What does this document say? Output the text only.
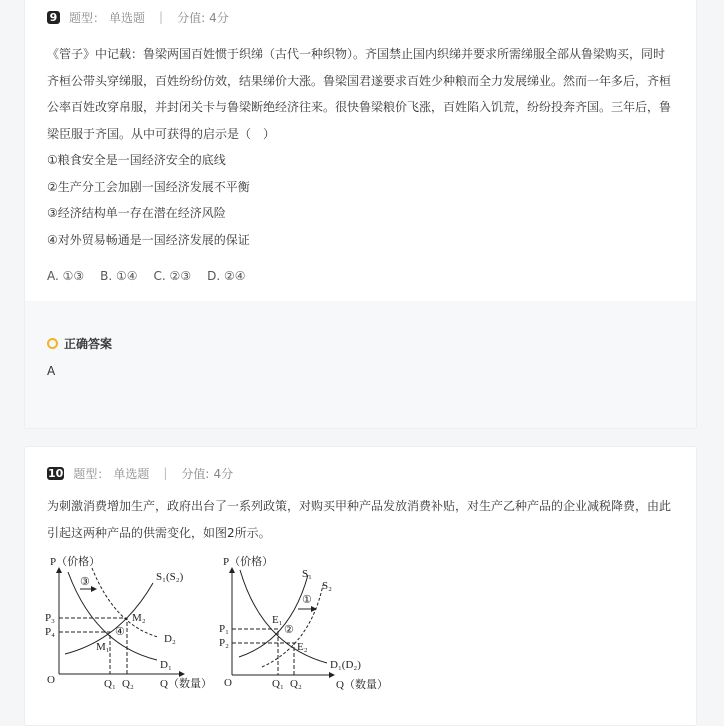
9 题型： 单选题 | 分值: 4分
《管子》中记载：鲁梁两国百姓惯于织绨（古代一种织物）。齐国禁止国内织绨并要求所需绨服全部从鲁梁购买，同时齐桓公带头穿绨服，百姓纷纷仿效，结果绨价大涨。鲁梁国君遂要求百姓少种粮而全力发展绨业。然而一年多后，齐桓公率百姓改穿帛服，并封闭关卡与鲁梁断绝经济往来。很快鲁梁粮价飞涨，百姓陷入饥荒，纷纷投奔齐国。三年后，鲁梁臣服于齐国。从中可获得的启示是（　）
①粮食安全是一国经济安全的底线
②生产分工会加剧一国经济发展不平衡
③经济结构单一存在潜在经济风险
④对外贸易畅通是一国经济发展的保证
A. ①③ B. ①④ C. ②③ D. ②④
正确答案
A
10 题型： 单选题 | 分值: 4分
为刺激消费增加生产，政府出台了一系列政策，对购买甲种产品发放消费补贴，对生产乙种产品的企业减税降费，由此引起这两种产品的供需变化，如图2所示。
P（价格）
Q（数量）
O
S₁(S₂)
D₁
D₂
M₁
M₂
P₃
P₄
Q₁ Q₂
③
④
P（价格）
Q（数量）
O
S₁
S₂
D₁(D₂)
E₁
E₂
P₁
P₂
Q₁ Q₂
①
②
